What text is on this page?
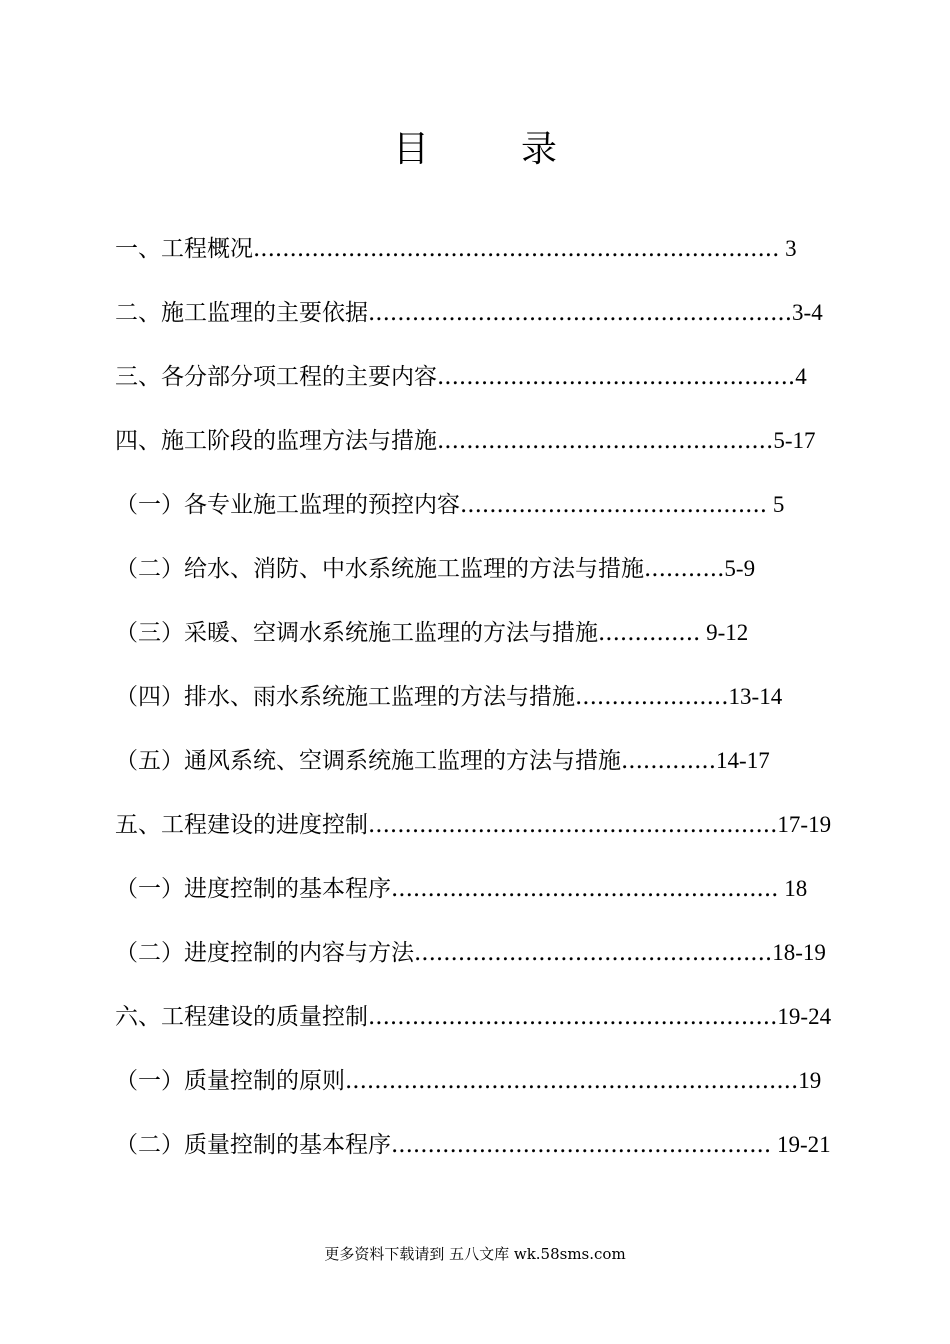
目　录
一、工程概况........................................................................ 3
二、施工监理的主要依据..........................................................3-4
三、各分部分项工程的主要内容.................................................4
四、施工阶段的监理方法与措施..............................................5-17
（一）各专业施工监理的预控内容.......................................... 5
（二）给水、消防、中水系统施工监理的方法与措施...........5-9
（三）采暖、空调水系统施工监理的方法与措施.............. 9-12
（四）排水、雨水系统施工监理的方法与措施.....................13-14
（五）通风系统、空调系统施工监理的方法与措施.............14-17
五、工程建设的进度控制........................................................17-19
（一）进度控制的基本程序..................................................... 18
（二）进度控制的内容与方法.................................................18-19
六、工程建设的质量控制........................................................19-24
（一）质量控制的原则..............................................................19
（二）质量控制的基本程序.................................................... 19-21
更多资料下载请到 五八文库 wk.58sms.com
